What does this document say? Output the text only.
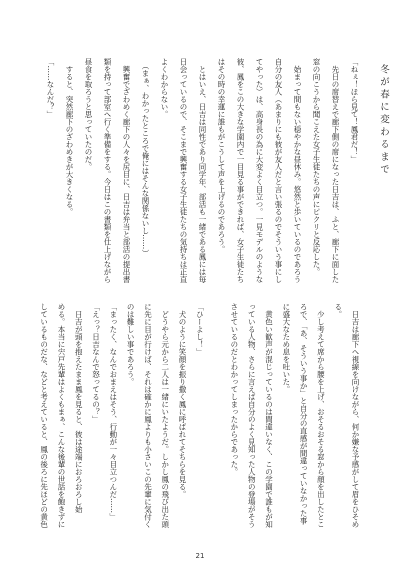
冬が春に変わるまで
「ねぇ！ほら見て！鳳君だ！」
　先日の席替えで廊下側の席になった日吉は、ふと、廊下に面した
窓の向こうから聞こえた女子生徒たちの声にピクリと反応した。
　始まって間もない穏やかな昼休み。悠然と歩いているのであろう
自分の友人（あまりにも彼が友人だと言い張るのでそういう事にし
てやった）は、高身長の為に大変よく目立つ。一見モデルのような
彼、鳳をこの大きな学園内で一目見る事ができれば、女子生徒たち
はその時の幸運に誰もがこうして声を上げるのであろう。
　とはいえ、日吉は同性であり同学年、部活も一緒である鳳には毎
日会っているので、そこまで興奮する女子生徒たちの気持ちは正直
よくわからない。
　（まぁ、わかったところで俺にはそんな関係ないし……）
　興奮でざわめく廊下の人々を尻目に、日吉は弁当と部活の提出書
類を持って部室へ行く準備をする。今日はこの書類を仕上げながら
昼食を取ろうと思っていたのだ。
　すると、突然廊下のざわめきが大きくなる。
「……なんだ？」
　日吉は廊下へ視線を向けながら、何か嫌な予感がして眉をひそめ
る。
　少し考えて席から腰を上げ、おそるおそる窓から顔を出したとこ
ろで、「あ、そういう事か」と自分の直感が間違っていなかった事
に盛大なため息を吐いた。
　黄色い歓声が混じっているのは間違いなく、この学園で誰もが知
っている人物、さらに言えば自分のよく見知った人物の登場がそう
させているのだとわかってしまったからであった。
「ひーよし！」
　犬のように笑顔を振り撒く鳳に呼ばれてそちらを見る。
　どうやら元から二人は一緒にいたようだ。しかし鳳の飛び出た頭
に先に目が行けば、それは確かに鳳よりも小さいこの先輩に気付く
のは難しい事であろう。
「まったく、なんでおまえはそう、行動が一々目立つんだ……」
「えっ？日吉なんで怒ってるの？」
　日吉が頭を抱えたまま鳳を見ると、彼は途端におろおろし始
める。本当に宍戸先輩はよくもまぁ、こんな後輩の世話を飽きずに
しているものだな、などと考えていると、鳳の後ろに先ほどの黄色
21
